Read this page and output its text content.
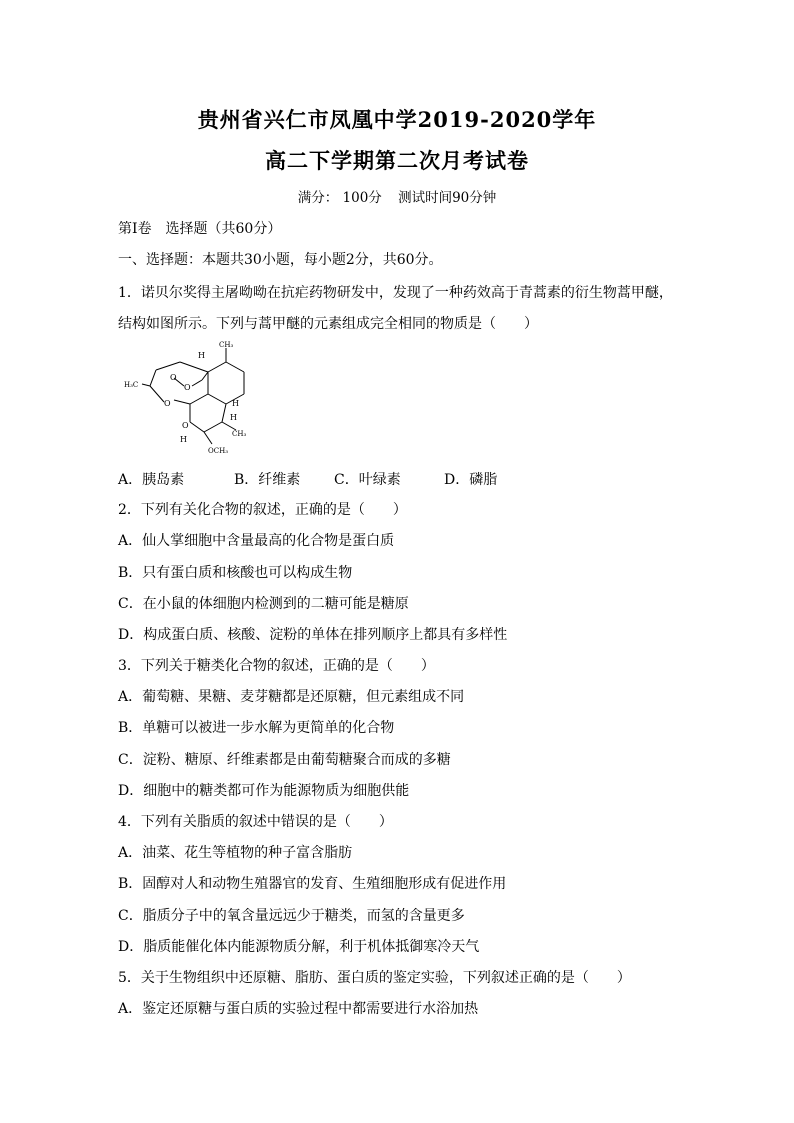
贵州省兴仁市凤凰中学2019-2020学年
高二下学期第二次月考试卷
满分： 100分 测试时间90分钟
第Ⅰ卷　选择题（共60分）
一、选择题：本题共30小题，每小题2分，共60分。
1．诺贝尔奖得主屠呦呦在抗疟药物研发中，发现了一种药效高于青蒿素的衍生物蒿甲醚，
结构如图所示。下列与蒿甲醚的元素组成完全相同的物质是（　　）
CH₃
H
H₃C
O
O
O
O
H
H
H
CH₃
OCH₃
A．胰岛素	B．纤维素	C．叶绿素	D．磷脂
2．下列有关化合物的叙述，正确的是（　　）
A．仙人掌细胞中含量最高的化合物是蛋白质
B．只有蛋白质和核酸也可以构成生物
C．在小鼠的体细胞内检测到的二糖可能是糖原
D．构成蛋白质、核酸、淀粉的单体在排列顺序上都具有多样性
3．下列关于糖类化合物的叙述，正确的是（　　）
A．葡萄糖、果糖、麦芽糖都是还原糖，但元素组成不同
B．单糖可以被进一步水解为更简单的化合物
C．淀粉、糖原、纤维素都是由葡萄糖聚合而成的多糖
D．细胞中的糖类都可作为能源物质为细胞供能
4．下列有关脂质的叙述中错误的是（　　）
A．油菜、花生等植物的种子富含脂肪
B．固醇对人和动物生殖器官的发育、生殖细胞形成有促进作用
C．脂质分子中的氧含量远远少于糖类，而氢的含量更多
D．脂质能催化体内能源物质分解，利于机体抵御寒冷天气
5．关于生物组织中还原糖、脂肪、蛋白质的鉴定实验，下列叙述正确的是（　　）
A．鉴定还原糖与蛋白质的实验过程中都需要进行水浴加热
